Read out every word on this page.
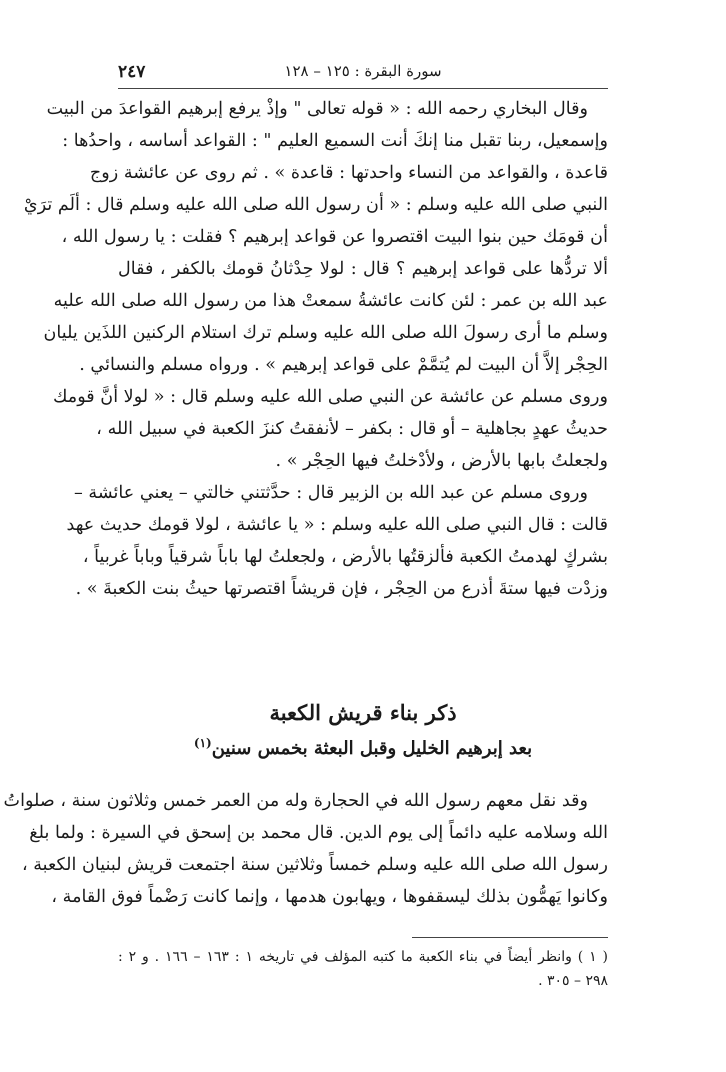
سورة البقرة : ١٢٥ – ١٢٨
٢٤٧
وقال البخاري رحمه الله : « قوله تعالى " وإذْ يرفع إبرهيم القواعدَ من البيت
وإسمعيل، ربنا تقبل منا إنكَ أنت السميع العليم " : القواعد أساسه ، واحدُها :
قاعدة ، والقواعد من النساء واحدتها : قاعدة » . ثم روى عن عائشة زوج
النبي صلى الله عليه وسلم : « أن رسول الله صلى الله عليه وسلم قال : ألَم ترَيْ
أن قومَك حين بنوا البيت اقتصروا عن قواعد إبرهيم ؟ فقلت : يا رسول الله ،
ألا تردُّها على قواعد إبرهيم ؟ قال : لولا حِدْثانُ قومك بالكفر ، فقال
عبد الله بن عمر : لئن كانت عائشةُ سمعتْ هذا من رسول الله صلى الله عليه
وسلم ما أرى رسولَ الله صلى الله عليه وسلم ترك استلام الركنين اللذَين يليان
الحِجْر إلاَّ أن البيت لم يُتمَّمْ على قواعد إبرهيم » . ورواه مسلم والنسائي .
وروى مسلم عن عائشة عن النبي صلى الله عليه وسلم قال : « لولا أنَّ قومك
حديثُ عهدٍ بجاهلية – أو قال : بكفر – لأنفقتُ كنزَ الكعبة في سبيل الله ،
ولجعلتُ بابها بالأرض ، ولأدْخلتُ فيها الحِجْر » .
وروى مسلم عن عبد الله بن الزبير قال : حدَّثتني خالتي – يعني عائشة –
قالت : قال النبي صلى الله عليه وسلم : « يا عائشة ، لولا قومك حديث عهد
بشركٍ لهدمتُ الكعبة فألزقتُها بالأرض ، ولجعلتُ لها باباً شرقياً وباباً غربياً ،
وزدْت فيها ستةَ أذرع من الحِجْر ، فإن قريشاً اقتصرتها حيثُ بنت الكعبةَ » .
ذكر بناء قريش الكعبة
بعد إبرهيم الخليل وقبل البعثة بخمس سنين$^{(١)}$
وقد نقل معهم رسول الله في الحجارة وله من العمر خمس وثلاثون سنة ، صلواتُ
الله وسلامه عليه دائماً إلى يوم الدين. قال محمد بن إسحق في السيرة : ولما بلغ
رسول الله صلى الله عليه وسلم خمساً وثلاثين سنة اجتمعت قريش لبنيان الكعبة ،
وكانوا يَهمُّون بذلك ليسقفوها ، ويهابون هدمها ، وإنما كانت رَضْماً فوق القامة ،
( ١ ) وانظر أيضاً في بناء الكعبة ما كتبه المؤلف في تاريخه ١ : ١٦٣ – ١٦٦ . و ٢ :
٢٩٨ – ٣٠٥ .
